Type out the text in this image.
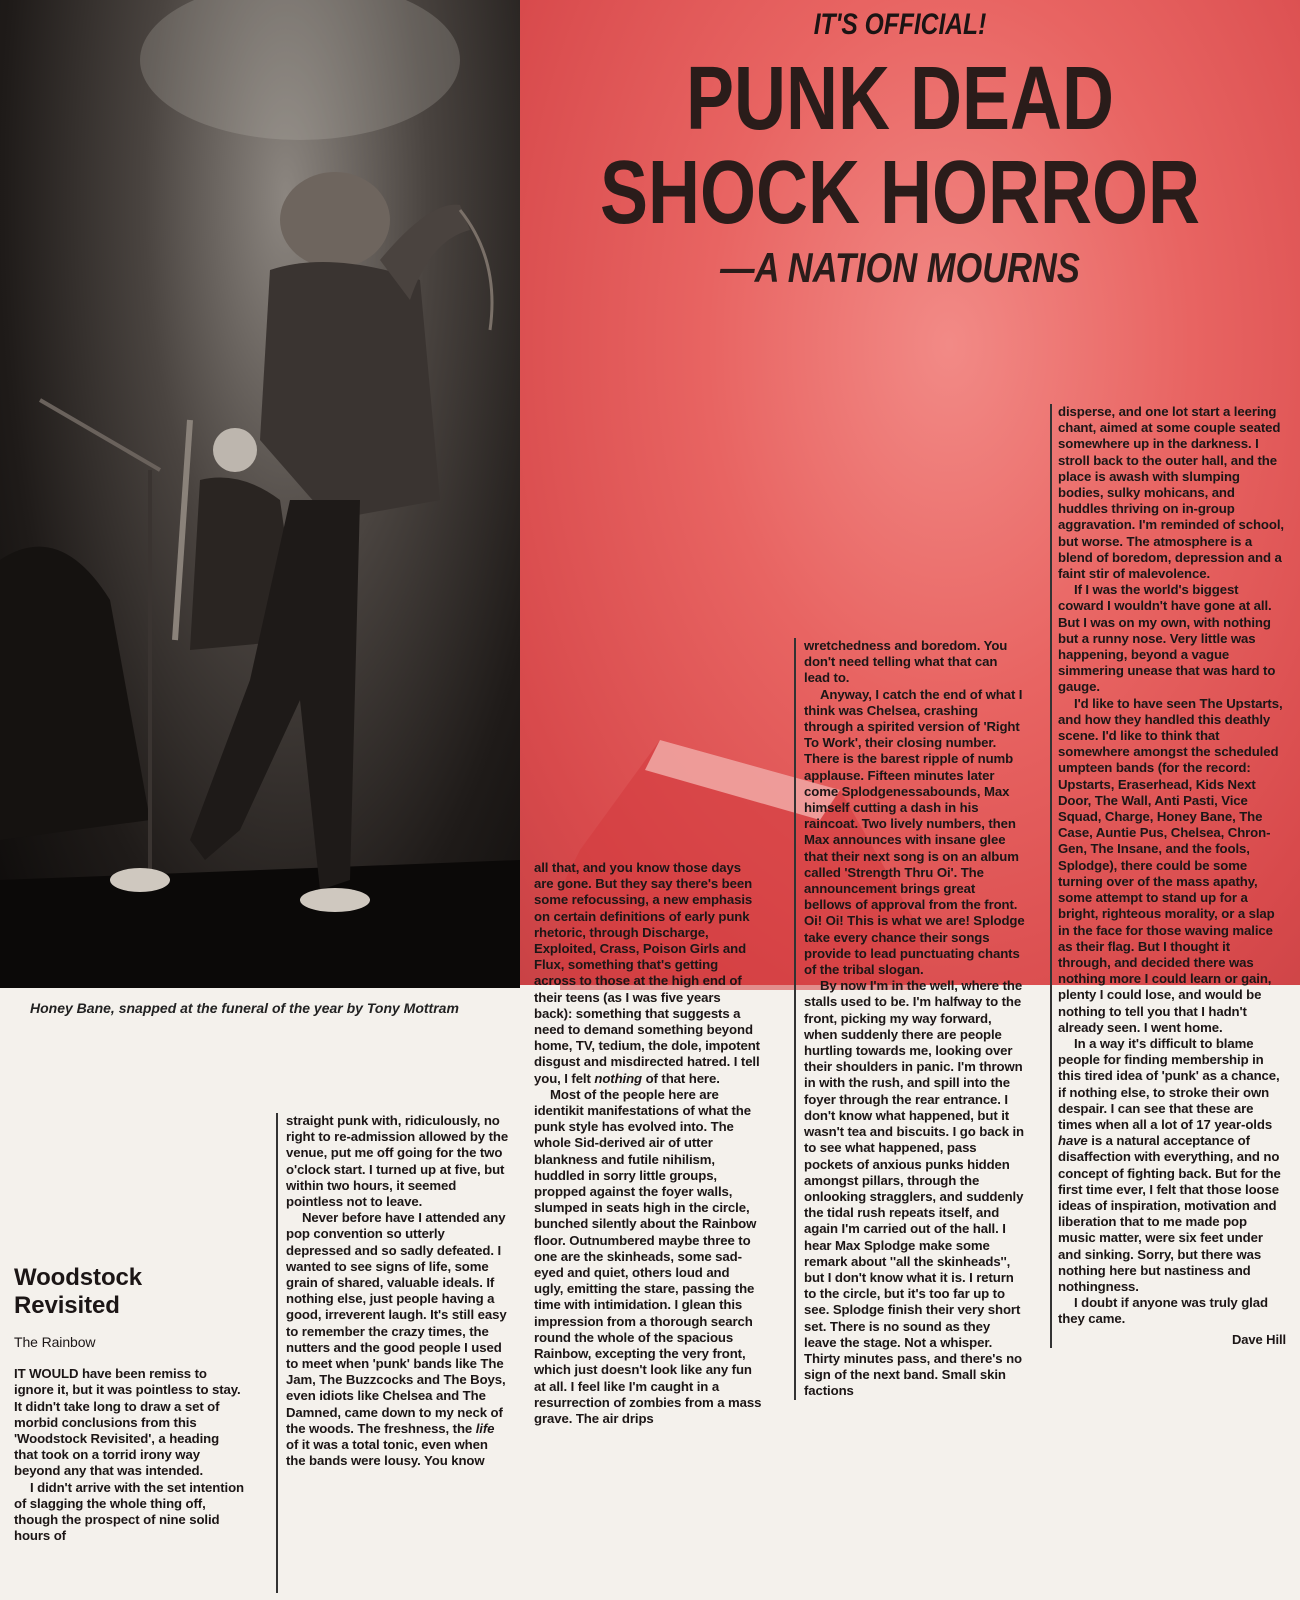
IT'S OFFICIAL!
PUNK DEAD
SHOCK HORROR
—A NATION MOURNS
Honey Bane, snapped at the funeral of the year by Tony Mottram
Woodstock
Revisited
The Rainbow

IT WOULD have been remiss to ignore it, but it was pointless to stay. It didn't take long to draw a set of morbid conclusions from this 'Woodstock Revisited', a heading that took on a torrid irony way beyond any that was intended.

I didn't arrive with the set intention of slagging the whole thing off, though the prospect of nine solid hours of

straight punk with, ridiculously, no right to re-admission allowed by the venue, put me off going for the two o'clock start. I turned up at five, but within two hours, it seemed pointless not to leave.

Never before have I attended any pop convention so utterly depressed and so sadly defeated. I wanted to see signs of life, some grain of shared, valuable ideals. If nothing else, just people having a good, irreverent laugh. It's still easy to remember the crazy times, the nutters and the good people I used to meet when 'punk' bands like The Jam, The Buzzcocks and The Boys, even idiots like Chelsea and The Damned, came down to my neck of the woods. The freshness, the life of it was a total tonic, even when the bands were lousy. You know

all that, and you know those days are gone. But they say there's been some refocussing, a new emphasis on certain definitions of early punk rhetoric, through Discharge, Exploited, Crass, Poison Girls and Flux, something that's getting across to those at the high end of their teens (as I was five years back): something that suggests a need to demand something beyond home, TV, tedium, the dole, impotent disgust and misdirected hatred. I tell you, I felt nothing of that here.

Most of the people here are identikit manifestations of what the punk style has evolved into. The whole Sid-derived air of utter blankness and futile nihilism, huddled in sorry little groups, propped against the foyer walls, slumped in seats high in the circle, bunched silently about the Rainbow floor. Outnumbered maybe three to one are the skinheads, some sad-eyed and quiet, others loud and ugly, emitting the stare, passing the time with intimidation. I glean this impression from a thorough search round the whole of the spacious Rainbow, excepting the very front, which just doesn't look like any fun at all. I feel like I'm caught in a resurrection of zombies from a mass grave. The air drips

wretchedness and boredom. You don't need telling what that can lead to.

Anyway, I catch the end of what I think was Chelsea, crashing through a spirited version of 'Right To Work', their closing number. There is the barest ripple of numb applause. Fifteen minutes later come Splodgenessabounds, Max himself cutting a dash in his raincoat. Two lively numbers, then Max announces with insane glee that their next song is on an album called 'Strength Thru Oi'. The announcement brings great bellows of approval from the front. Oi! Oi! This is what we are! Splodge take every chance their songs provide to lead punctuating chants of the tribal slogan.

By now I'm in the well, where the stalls used to be. I'm halfway to the front, picking my way forward, when suddenly there are people hurtling towards me, looking over their shoulders in panic. I'm thrown in with the rush, and spill into the foyer through the rear entrance. I don't know what happened, but it wasn't tea and biscuits. I go back in to see what happened, pass pockets of anxious punks hidden amongst pillars, through the onlooking stragglers, and suddenly the tidal rush repeats itself, and again I'm carried out of the hall. I hear Max Splodge make some remark about ''all the skinheads'', but I don't know what it is. I return to the circle, but it's too far up to see. Splodge finish their very short set. There is no sound as they leave the stage. Not a whisper. Thirty minutes pass, and there's no sign of the next band. Small skin factions

disperse, and one lot start a leering chant, aimed at some couple seated somewhere up in the darkness. I stroll back to the outer hall, and the place is awash with slumping bodies, sulky mohicans, and huddles thriving on in-group aggravation. I'm reminded of school, but worse. The atmosphere is a blend of boredom, depression and a faint stir of malevolence.

If I was the world's biggest coward I wouldn't have gone at all. But I was on my own, with nothing but a runny nose. Very little was happening, beyond a vague simmering unease that was hard to gauge.

I'd like to have seen The Upstarts, and how they handled this deathly scene. I'd like to think that somewhere amongst the scheduled umpteen bands (for the record: Upstarts, Eraserhead, Kids Next Door, The Wall, Anti Pasti, Vice Squad, Charge, Honey Bane, The Case, Auntie Pus, Chelsea, Chron-Gen, The Insane, and the fools, Splodge), there could be some turning over of the mass apathy, some attempt to stand up for a bright, righteous morality, or a slap in the face for those waving malice as their flag. But I thought it through, and decided there was nothing more I could learn or gain, plenty I could lose, and would be nothing to tell you that I hadn't already seen. I went home.

In a way it's difficult to blame people for finding membership in this tired idea of 'punk' as a chance, if nothing else, to stroke their own despair. I can see that these are times when all a lot of 17 year-olds have is a natural acceptance of disaffection with everything, and no concept of fighting back. But for the first time ever, I felt that those loose ideas of inspiration, motivation and liberation that to me made pop music matter, were six feet under and sinking. Sorry, but there was nothing here but nastiness and nothingness.

I doubt if anyone was truly glad they came.

Dave Hill
